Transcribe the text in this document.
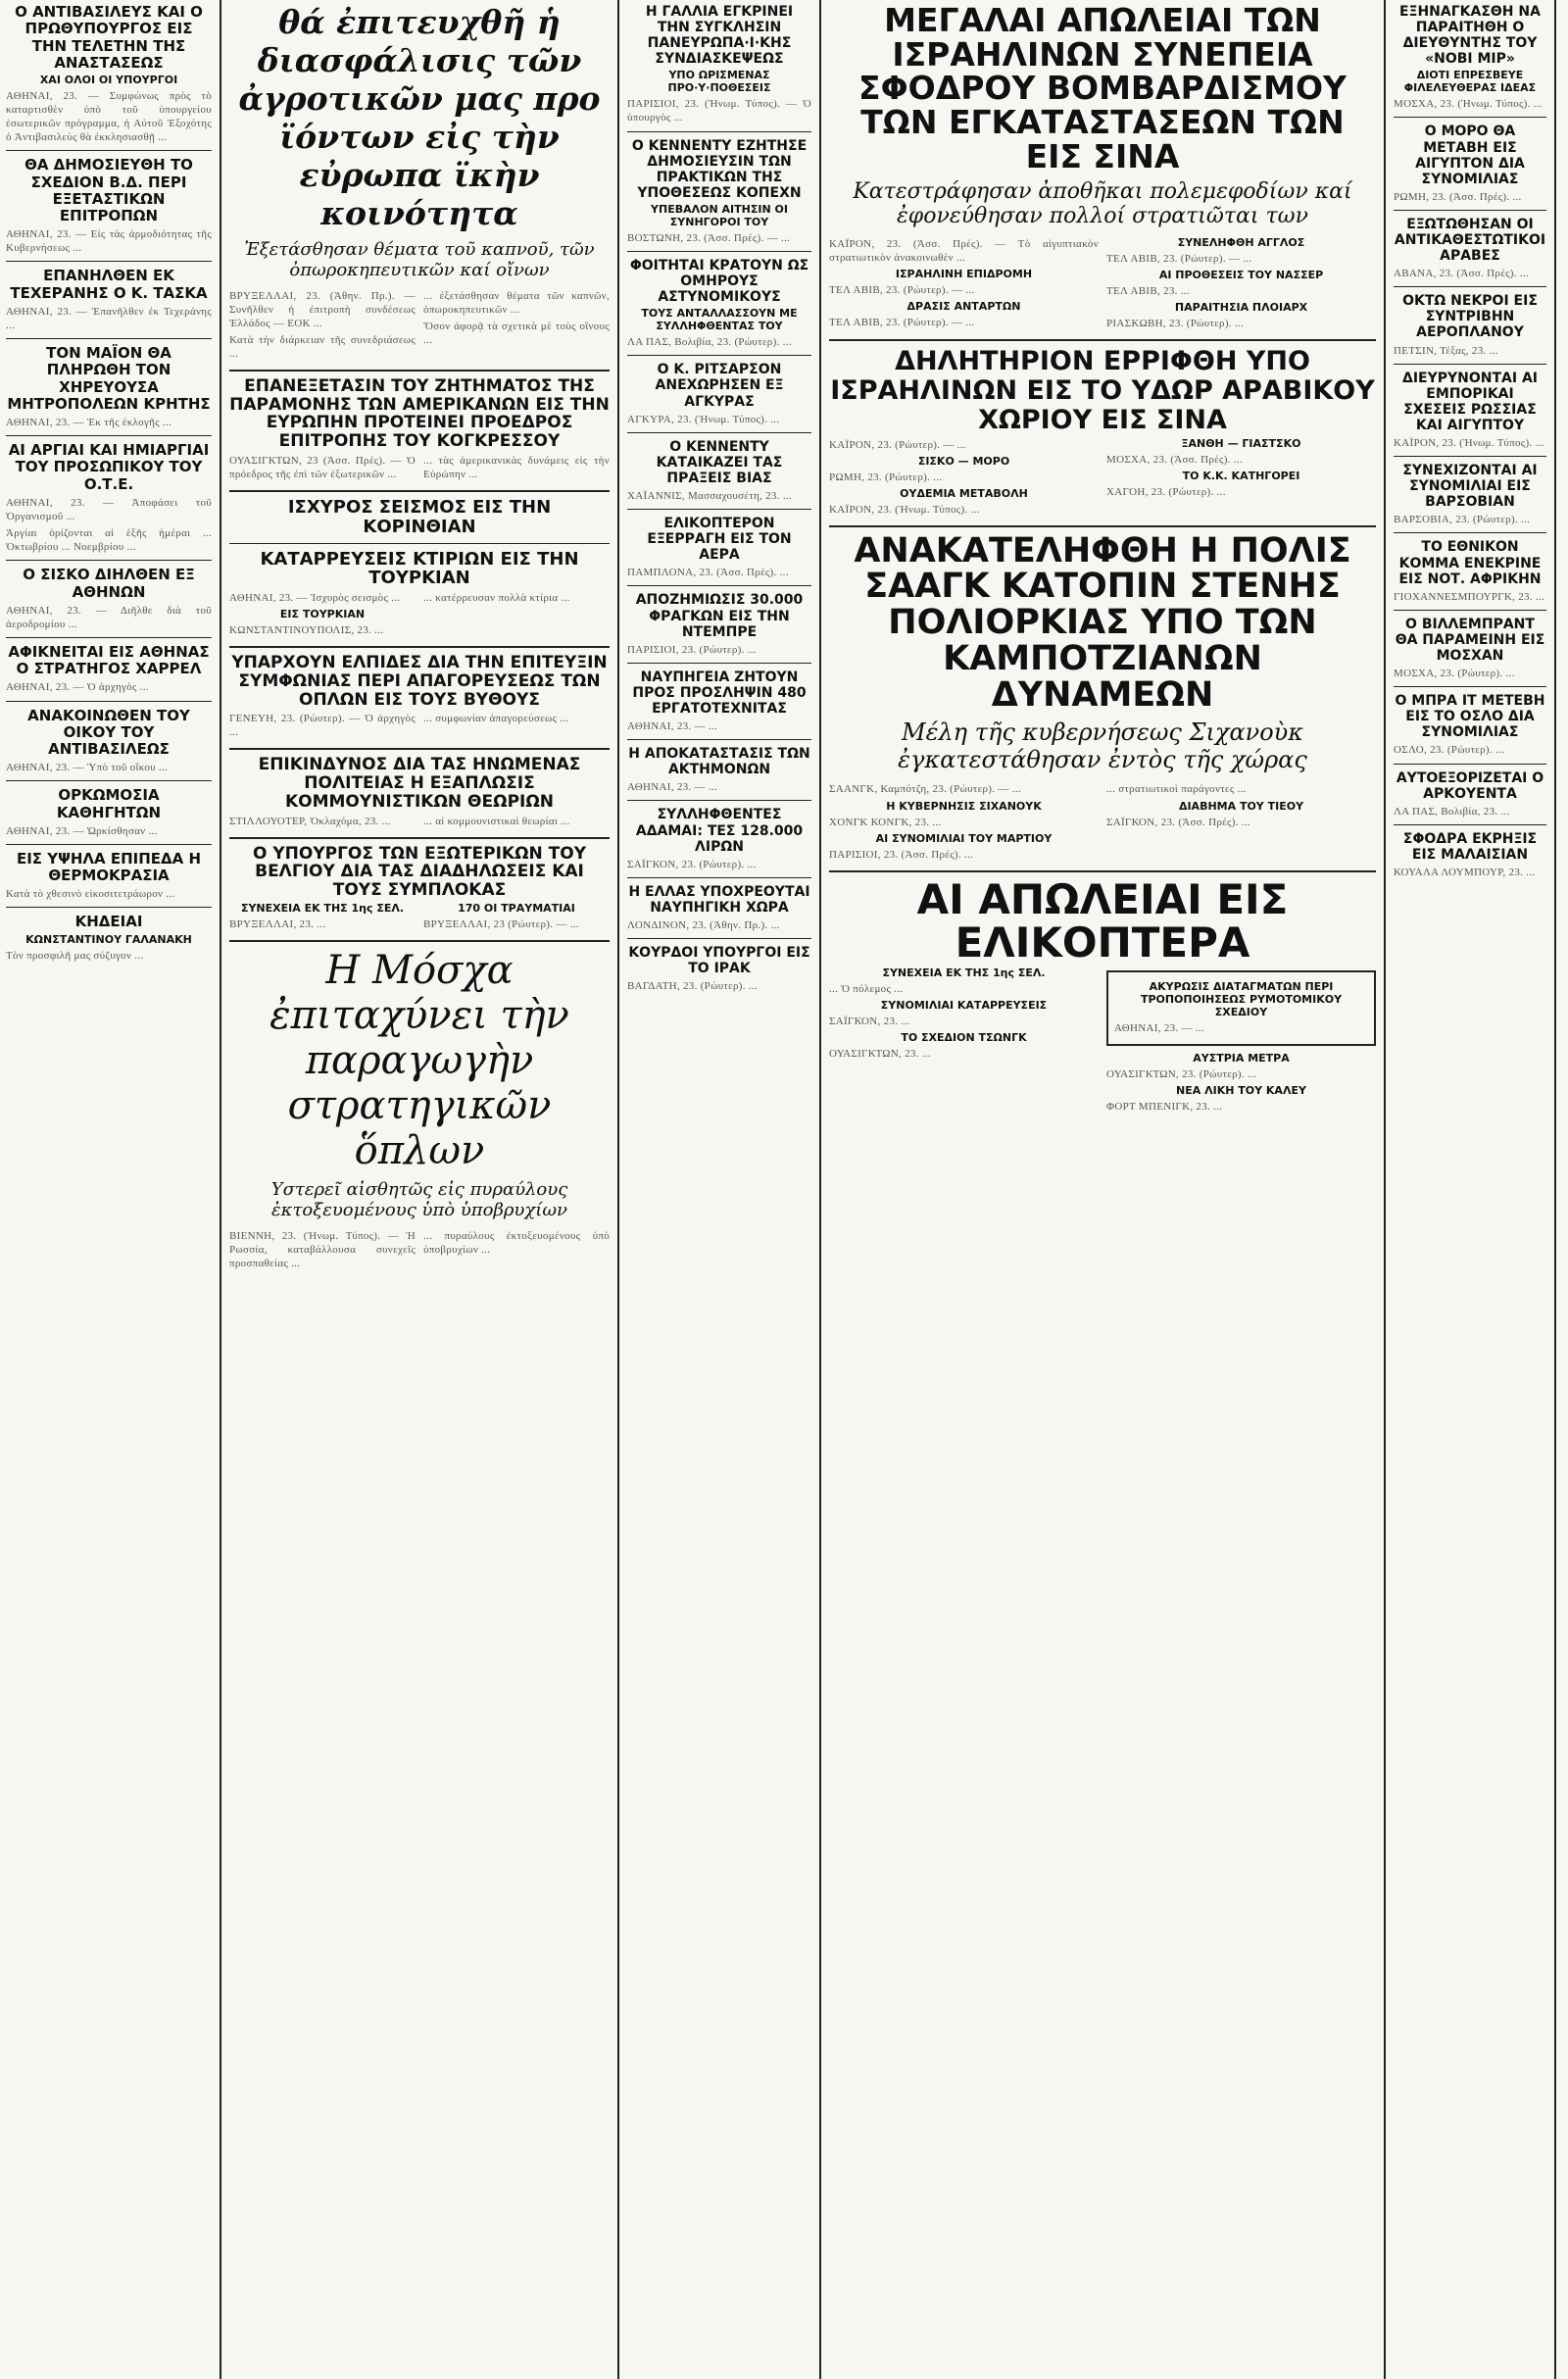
Ο ΑΝΤΙΒΑΣΙΛΕΥΣ ΚΑΙ Ο ΠΡΩΘΥΠΟΥΡΓΟΣ ΕΙΣ ΤΗΝ ΤΕΛΕΤΗΝ ΤΗΣ ΑΝΑΣΤΑΣΕΩΣ
ΧΑΙ ΟΛΟΙ ΟΙ ΥΠΟΥΡΓΟΙ

ΑΘΗΝΑΙ, 23. — Συμφώνως πρὸς τὸ καταρτισθὲν ὑπὸ τοῦ ὑπουργείου ἐσωτερικῶν πρόγραμμα, ἡ Αὐτοῦ Ἐξοχότης ὁ Ἀντιβασιλεὺς θὰ ἐκκλησιασθῇ ...

ΘΑ ΔΗΜΟΣΙΕΥΘΗ ΤΟ ΣΧΕΔΙΟΝ Β.Δ. ΠΕΡΙ ΕΞΕΤΑΣΤΙΚΩΝ ΕΠΙΤΡΟΠΩΝ

ΑΘΗΝΑΙ, 23. — Εἰς τὰς ἁρμοδιότητας τῆς Κυβερνήσεως ...

ΕΠΑΝΗΛΘΕΝ ΕΚ ΤΕΧΕΡΑΝΗΣ Ο Κ. ΤΑΣΚΑ

ΑΘΗΝΑΙ, 23. — Ἐπανῆλθεν ἐκ Τεχεράνης ...

ΤΟΝ ΜΑΪΟΝ ΘΑ ΠΛΗΡΩΘΗ ΤΟΝ ΧΗΡΕΥΟΥΣΑ ΜΗΤΡΟΠΟΛΕΩΝ ΚΡΗΤΗΣ

ΑΘΗΝΑΙ, 23. — Ἐκ τῆς ἐκλογῆς ...

ΑΙ ΑΡΓΙΑΙ ΚΑΙ ΗΜΙΑΡΓΙΑΙ ΤΟΥ ΠΡΟΣΩΠΙΚΟΥ ΤΟΥ Ο.Τ.Ε.

ΑΘΗΝΑΙ, 23. — Ἀποφάσει τοῦ Ὀργανισμοῦ ...

Ἀργίαι ὁρίζονται αἱ ἑξῆς ἡμέραι ... Ὀκτωβρίου ... Νοεμβρίου ...

Ο ΣΙΣΚΟ ΔΙΗΛΘΕΝ ΕΞ ΑΘΗΝΩΝ

ΑΘΗΝΑΙ, 23. — Διῆλθε διὰ τοῦ ἀεροδρομίου ...

ΑΦΙΚΝΕΙΤΑΙ ΕΙΣ ΑΘΗΝΑΣ Ο ΣΤΡΑΤΗΓΟΣ ΧΑΡΡΕΛ

ΑΘΗΝΑΙ, 23. — Ὁ ἀρχηγὸς ...

ΑΝΑΚΟΙΝΩΘΕΝ ΤΟΥ ΟΙΚΟΥ ΤΟΥ ΑΝΤΙΒΑΣΙΛΕΩΣ

ΑΘΗΝΑΙ, 23. — Ὑπὸ τοῦ οἴκου ...

ΟΡΚΩΜΟΣΙΑ ΚΑΘΗΓΗΤΩΝ

ΑΘΗΝΑΙ, 23. — Ὡρκίσθησαν ...

ΕΙΣ ΥΨΗΛΑ ΕΠΙΠΕΔΑ Η ΘΕΡΜΟΚΡΑΣΙΑ

Κατὰ τὸ χθεσινὸ εἰκοσιτετράωρον ...

ΚΗΔΕΙΑΙ
ΚΩΝΣΤΑΝΤΙΝΟΥ ΓΑΛΑΝΑΚΗ

Τὸν προσφιλῆ μας σύζυγον ...

θά ἐπιτευχθῆ ἡ διασφάλισις τῶν ἀγροτικῶν μας προ ϊόντων εἰς τὴν εὐρωπα ϊκὴν κοινότητα
Ἐξετάσθησαν θέματα τοῦ καπνοῦ, τῶν ὀπωροκηπευτικῶν καί οἴνων

ΒΡΥΞΕΛΛΑΙ, 23. (Ἀθην. Πρ.). — Συνῆλθεν ἡ ἐπιτροπὴ συνδέσεως Ἑλλάδος — ΕΟΚ ...

Κατὰ τὴν διάρκειαν τῆς συνεδριάσεως ...

... ἐξετάσθησαν θέματα τῶν καπνῶν, ὀπωροκηπευτικῶν ...

Ὅσον ἀφορᾷ τὰ σχετικὰ μὲ τοὺς οἴνους ...

ΕΠΑΝΕΞΕΤΑΣΙΝ ΤΟΥ ΖΗΤΗΜΑΤΟΣ ΤΗΣ ΠΑΡΑΜΟΝΗΣ ΤΩΝ ΑΜΕΡΙΚΑΝΩΝ ΕΙΣ ΤΗΝ ΕΥΡΩΠΗΝ ΠΡΟΤΕΙΝΕΙ ΠΡΟΕΔΡΟΣ ΕΠΙΤΡΟΠΗΣ ΤΟΥ ΚΟΓΚΡΕΣΣΟΥ

ΟΥΑΣΙΓΚΤΩΝ, 23 (Ἀσσ. Πρές). — Ὁ πρόεδρος τῆς ἐπὶ τῶν ἐξωτερικῶν ...

... τὰς ἀμερικανικὰς δυνάμεις εἰς τὴν Εὐρώπην ...

ΙΣΧΥΡΟΣ ΣΕΙΣΜΟΣ ΕΙΣ ΤΗΝ ΚΟΡΙΝΘΙΑΝ
ΚΑΤΑΡΡΕΥΣΕΙΣ ΚΤΙΡΙΩΝ ΕΙΣ ΤΗΝ ΤΟΥΡΚΙΑΝ

ΑΘΗΝΑΙ, 23. — Ἰσχυρὸς σεισμὸς ...

ΕΙΣ ΤΟΥΡΚΙΑΝ

ΚΩΝΣΤΑΝΤΙΝΟΥΠΟΛΙΣ, 23. ...

... κατέρρευσαν πολλὰ κτίρια ...

ΥΠΑΡΧΟΥΝ ΕΛΠΙΔΕΣ ΔΙΑ ΤΗΝ ΕΠΙΤΕΥΞΙΝ ΣΥΜΦΩΝΙΑΣ ΠΕΡΙ ΑΠΑΓΟΡΕΥΣΕΩΣ ΤΩΝ ΟΠΛΩΝ ΕΙΣ ΤΟΥΣ ΒΥΘΟΥΣ

ΓΕΝΕΥΗ, 23. (Ρώυτερ). — Ὁ ἀρχηγὸς ...

... συμφωνίαν ἀπαγορεύσεως ...

ΕΠΙΚΙΝΔΥΝΟΣ ΔΙΑ ΤΑΣ ΗΝΩΜΕΝΑΣ ΠΟΛΙΤΕΙΑΣ Η ΕΞΑΠΛΩΣΙΣ ΚΟΜΜΟΥΝΙΣΤΙΚΩΝ ΘΕΩΡΙΩΝ

ΣΤΙΛΛΟΥΟΤΕΡ, Ὀκλαχόμα, 23. ...	... αἱ κομμουνιστικαὶ θεωρίαι ...

Ο ΥΠΟΥΡΓΟΣ ΤΩΝ ΕΞΩΤΕΡΙΚΩΝ ΤΟΥ ΒΕΛΓΙΟΥ ΔΙΑ ΤΑΣ ΔΙΑΔΗΛΩΣΕΙΣ ΚΑΙ ΤΟΥΣ ΣΥΜΠΛΟΚΑΣ
ΣΥΝΕΧΕΙΑ ΕΚ ΤΗΣ 1ης ΣΕΛ.

ΒΡΥΞΕΛΛΑΙ, 23. ...

170 ΟΙ ΤΡΑΥΜΑΤΙΑΙ

ΒΡΥΞΕΛΛΑΙ, 23 (Ρώυτερ). — ...

Η Μόσχα ἐπιταχύνει τὴν παραγωγὴν στρατηγικῶν ὅπλων
Υστερεῖ αἰσθητῶς εἰς πυραύλους ἐκτοξευομένους ὑπὸ ὑποβρυχίων

ΒΙΕΝΝΗ, 23. (Ἡνωμ. Τύπος). — Ἡ Ρωσσία, καταβάλλουσα συνεχεῖς προσπαθείας ...

... πυραύλους ἐκτοξευομένους ὑπὸ ὑποβρυχίων ...

Η ΓΑΛΛΙΑ ΕΓΚΡΙΝΕΙ ΤΗΝ ΣΥΓΚΛΗΣΙΝ ΠΑΝΕΥΡΩΠΑ·Ι·ΚΗΣ ΣΥΝΔΙΑΣΚΕΨΕΩΣ
ΥΠΟ ΩΡΙΣΜΕΝΑΣ ΠΡΟ·Υ·ΠΟΘΕΣΕΙΣ

ΠΑΡΙΣΙΟΙ, 23. (Ἡνωμ. Τύπος). — Ὁ ὑπουργὸς ...

Ο ΚΕΝΝΕΝΤΥ ΕΖΗΤΗΣΕ ΔΗΜΟΣΙΕΥΣΙΝ ΤΩΝ ΠΡΑΚΤΙΚΩΝ ΤΗΣ ΥΠΟΘΕΣΕΩΣ ΚΟΠΕΧΝ
ΥΠΕΒΑΛΟΝ ΑΙΤΗΣΙΝ ΟΙ ΣΥΝΗΓΟΡΟΙ ΤΟΥ

ΒΟΣΤΩΝΗ, 23. (Ἀσσ. Πρές). — ...

ΦΟΙΤΗΤΑΙ ΚΡΑΤΟΥΝ ΩΣ ΟΜΗΡΟΥΣ ΑΣΤΥΝΟΜΙΚΟΥΣ
ΤΟΥΣ ΑΝΤΑΛΛΑΣΣΟΥΝ ΜΕ ΣΥΛΛΗΦΘΕΝΤΑΣ ΤΟΥ

ΛΑ ΠΑΣ, Βολιβία, 23. (Ρώυτερ). ...

Ο Κ. ΡΙΤΣΑΡΣΟΝ ΑΝΕΧΩΡΗΣΕΝ ΕΞ ΑΓΚΥΡΑΣ

ΑΓΚΥΡΑ, 23. (Ἡνωμ. Τύπος). ...

Ο ΚΕΝΝΕΝΤΥ ΚΑΤΑΙΚΑΖΕΙ ΤΑΣ ΠΡΑΞΕΙΣ ΒΙΑΣ

ΧΑΪΑΝΝΙΣ, Μασσαχουσέτη, 23. ...

ΕΛΙΚΟΠΤΕΡΟΝ ΕΞΕΡΡΑΓΗ ΕΙΣ ΤΟΝ ΑΕΡΑ

ΠΑΜΠΛΟΝΑ, 23. (Ἀσσ. Πρές). ...

ΑΠΟΖΗΜΙΩΣΙΣ 30.000 ΦΡΑΓΚΩΝ ΕΙΣ ΤΗΝ ΝΤΕΜΠΡΕ

ΠΑΡΙΣΙΟΙ, 23. (Ρώυτερ). ...

ΝΑΥΠΗΓΕΙΑ ΖΗΤΟΥΝ ΠΡΟΣ ΠΡΟΣΛΗΨΙΝ 480 ΕΡΓΑΤΟΤΕΧΝΙΤΑΣ

ΑΘΗΝΑΙ, 23. — ...

Η ΑΠΟΚΑΤΑΣΤΑΣΙΣ ΤΩΝ ΑΚΤΗΜΟΝΩΝ

ΑΘΗΝΑΙ, 23. — ...

ΣΥΛΛΗΦΘΕΝΤΕΣ ΑΔΑΜΑΙ: ΤΕΣ 128.000 ΛΙΡΩΝ

ΣΑΪΓΚΟΝ, 23. (Ρώυτερ). ...

Η ΕΛΛΑΣ ΥΠΟΧΡΕΟΥΤΑΙ ΝΑΥΠΗΓΙΚΗ ΧΩΡΑ

ΛΟΝΔΙΝΟΝ, 23. (Ἀθην. Πρ.). ...

ΚΟΥΡΔΟΙ ΥΠΟΥΡΓΟΙ ΕΙΣ ΤΟ ΙΡΑΚ

ΒΑΓΔΑΤΗ, 23. (Ρώυτερ). ...

ΜΕΓΑΛΑΙ ΑΠΩΛΕΙΑΙ ΤΩΝ ΙΣΡΑΗΛΙΝΩΝ ΣΥΝΕΠΕΙΑ ΣΦΟΔΡΟΥ ΒΟΜΒΑΡΔΙΣΜΟΥ ΤΩΝ ΕΓΚΑΤΑΣΤΑΣΕΩΝ ΤΩΝ ΕΙΣ ΣΙΝΑ
Κατεστράφησαν ἀποθῆκαι πολεμεφοδίων καί ἐφονεύθησαν πολλοί στρατιῶται των

ΚΑΪΡΟΝ, 23. (Ἀσσ. Πρές). — Τὸ αἰγυπτιακὸν στρατιωτικὸν ἀνακοινωθὲν ...

ΙΣΡΑΗΛΙΝΗ ΕΠΙΔΡΟΜΗ

ΤΕΛ ΑΒΙΒ, 23. (Ρώυτερ). — ...

ΔΡΑΣΙΣ ΑΝΤΑΡΤΩΝ

ΤΕΛ ΑΒΙΒ, 23. (Ρώυτερ). — ...

ΣΥΝΕΛΗΦΘΗ ΑΓΓΛΟΣ

ΤΕΛ ΑΒΙΒ, 23. (Ρώυτερ). — ...

ΑΙ ΠΡΟΘΕΣΕΙΣ ΤΟΥ ΝΑΣΣΕΡ

ΤΕΛ ΑΒΙΒ, 23. ...

ΠΑΡΑΙΤΗΣΙΑ ΠΛΟΙΑΡΧ

ΡΙΑΣΚΩΒΗ, 23. (Ρώυτερ). ...

ΔΗΛΗΤΗΡΙΟΝ ΕΡΡΙΦΘΗ ΥΠΟ ΙΣΡΑΗΛΙΝΩΝ ΕΙΣ ΤΟ ΥΔΩΡ ΑΡΑΒΙΚΟΥ ΧΩΡΙΟΥ ΕΙΣ ΣΙΝΑ

ΚΑΪΡΟΝ, 23. (Ρώυτερ). — ...

ΣΙΣΚΟ — ΜΟΡΟ

ΡΩΜΗ, 23. (Ρώυτερ). ...

ΟΥΔΕΜΙΑ ΜΕΤΑΒΟΛΗ

ΚΑΪΡΟΝ, 23. (Ἡνωμ. Τύπος). ...

ΞΑΝΘΗ — ΓΙΑΣΤΣΚΟ

ΜΟΣΧΑ, 23. (Ἀσσ. Πρές). ...

ΤΟ Κ.Κ. ΚΑΤΗΓΟΡΕΙ

ΧΑΓΟΗ, 23. (Ρώυτερ). ...

ΑΝΑΚΑΤΕΛΗΦΘΗ Η ΠΟΛΙΣ ΣΑΑΓΚ ΚΑΤΟΠΙΝ ΣΤΕΝΗΣ ΠΟΛΙΟΡΚΙΑΣ ΥΠΟ ΤΩΝ ΚΑΜΠΟΤΖΙΑΝΩΝ ΔΥΝΑΜΕΩΝ
Μέλη τῆς κυβερνήσεως Σιχανοὺκ ἐγκατεστάθησαν ἐντὸς τῆς χώρας

ΣΑΑΝΓΚ, Καμπότζη, 23. (Ρώυτερ). — ...

Η ΚΥΒΕΡΝΗΣΙΣ ΣΙΧΑΝΟΥΚ

ΧΟΝΓΚ ΚΟΝΓΚ, 23. ...

ΑΙ ΣΥΝΟΜΙΛΙΑΙ ΤΟΥ ΜΑΡΤΙΟΥ

ΠΑΡΙΣΙΟΙ, 23. (Ἀσσ. Πρές). ...

... στρατιωτικοὶ παράγοντες ...

ΔΙΑΒΗΜΑ ΤΟΥ ΤΙΕΟΥ

ΣΑΪΓΚΟΝ, 23. (Ἀσσ. Πρές). ...

ΑΙ ΑΠΩΛΕΙΑΙ ΕΙΣ ΕΛΙΚΟΠΤΕΡΑ
ΣΥΝΕΧΕΙΑ ΕΚ ΤΗΣ 1ης ΣΕΛ.

... Ὁ πόλεμος ...

ΣΥΝΟΜΙΛΙΑΙ ΚΑΤΑΡΡΕΥΣΕΙΣ

ΣΑΪΓΚΟΝ, 23. ...

ΤΟ ΣΧΕΔΙΟΝ ΤΣΩΝΓΚ

ΟΥΑΣΙΓΚΤΩΝ, 23. ...

ΑΚΥΡΩΣΙΣ ΔΙΑΤΑΓΜΑΤΩΝ ΠΕΡΙ ΤΡΟΠΟΠΟΙΗΣΕΩΣ ΡΥΜΟΤΟΜΙΚΟΥ ΣΧΕΔΙΟΥ

ΑΘΗΝΑΙ, 23. — ...

ΑΥΣΤΡΙΑ ΜΕΤΡΑ

ΟΥΑΣΙΓΚΤΩΝ, 23. (Ρώυτερ). ...

ΝΕΑ ΛΙΚΗ ΤΟΥ ΚΑΛΕΥ

ΦΟΡΤ ΜΠΕΝΙΓΚ, 23. ...

ΕΞΗΝΑΓΚΑΣΘΗ ΝΑ ΠΑΡΑΙΤΗΘΗ Ο ΔΙΕΥΘΥΝΤΗΣ ΤΟΥ «ΝΟΒΙ ΜΙΡ»
ΔΙΟΤΙ ΕΠΡΕΣΒΕΥΕ ΦΙΛΕΛΕΥΘΕΡΑΣ ΙΔΕΑΣ

ΜΟΣΧΑ, 23. (Ἡνωμ. Τύπος). ...

Ο ΜΟΡΟ ΘΑ ΜΕΤΑΒΗ ΕΙΣ ΑΙΓΥΠΤΟΝ ΔΙΑ ΣΥΝΟΜΙΛΙΑΣ

ΡΩΜΗ, 23. (Ἀσσ. Πρές). ...

ΕΞΩΤΩΘΗΣΑΝ ΟΙ ΑΝΤΙΚΑΘΕΣΤΩΤΙΚΟΙ ΑΡΑΒΕΣ

ΑΒΑΝΑ, 23. (Ἀσσ. Πρές). ...

ΟΚΤΩ ΝΕΚΡΟΙ ΕΙΣ ΣΥΝΤΡΙΒΗΝ ΑΕΡΟΠΛΑΝΟΥ

ΠΕΤΣΙΝ, Τέξας, 23. ...

ΔΙΕΥΡΥΝΟΝΤΑΙ ΑΙ ΕΜΠΟΡΙΚΑΙ ΣΧΕΣΕΙΣ ΡΩΣΣΙΑΣ ΚΑΙ ΑΙΓΥΠΤΟΥ

ΚΑΪΡΟΝ, 23. (Ἡνωμ. Τύπος). ...

ΣΥΝΕΧΙΖΟΝΤΑΙ ΑΙ ΣΥΝΟΜΙΛΙΑΙ ΕΙΣ ΒΑΡΣΟΒΙΑΝ

ΒΑΡΣΟΒΙΑ, 23. (Ρώυτερ). ...

ΤΟ ΕΘΝΙΚΟΝ ΚΟΜΜΑ ΕΝΕΚΡΙΝΕ ΕΙΣ ΝΟΤ. ΑΦΡΙΚΗΝ

ΓΙΟΧΑΝΝΕΣΜΠΟΥΡΓΚ, 23. ...

Ο ΒΙΛΛΕΜΠΡΑΝΤ ΘΑ ΠΑΡΑΜΕΙΝΗ ΕΙΣ ΜΟΣΧΑΝ

ΜΟΣΧΑ, 23. (Ρώυτερ). ...

Ο ΜΠΡΑ ΙΤ ΜΕΤΕΒΗ ΕΙΣ ΤΟ ΟΣΛΟ ΔΙΑ ΣΥΝΟΜΙΛΙΑΣ

ΟΣΛΟ, 23. (Ρώυτερ). ...

ΑΥΤΟΕΞΟΡΙΖΕΤΑΙ Ο ΑΡΚΟΥΕΝΤΑ

ΛΑ ΠΑΣ, Βολιβία, 23. ...

ΣΦΟΔΡΑ ΕΚΡΗΞΙΣ ΕΙΣ ΜΑΛΑΙΣΙΑΝ

ΚΟΥΑΛΑ ΛΟΥΜΠΟΥΡ, 23. ...
